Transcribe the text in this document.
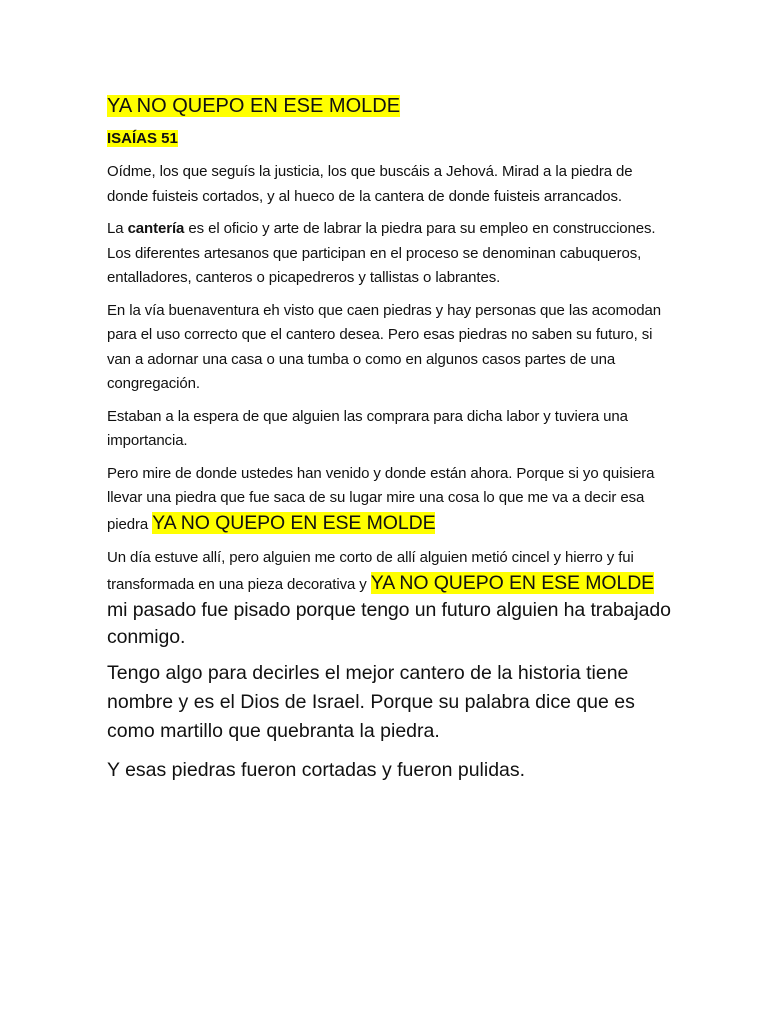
YA NO QUEPO EN ESE MOLDE
ISAÍAS 51

Oídme, los que seguís la justicia, los que buscáis a Jehová. Mirad a la piedra de donde fuisteis cortados, y al hueco de la cantera de donde fuisteis arrancados.

La cantería es el oficio y arte de labrar la piedra para su empleo en construcciones. Los diferentes artesanos que participan en el proceso se denominan cabuqueros, entalladores, canteros o picapedreros y tallistas o labrantes.

En la vía buenaventura eh visto que caen piedras y hay personas que las acomodan para el uso correcto que el cantero desea. Pero esas piedras no saben su futuro, si van a adornar una casa o una tumba o como en algunos casos partes de una congregación.

Estaban a la espera de que alguien las comprara para dicha labor y tuviera una importancia.

Pero mire de donde ustedes han venido y donde están ahora. Porque si yo quisiera llevar una piedra que fue saca de su lugar mire una cosa lo que me va a decir esa piedra YA NO QUEPO EN ESE MOLDE

Un día estuve allí, pero alguien me corto de allí alguien metió cincel y hierro y fui transformada en una pieza decorativa y YA NO QUEPO EN ESE MOLDE mi pasado fue pisado porque tengo un futuro alguien ha trabajado conmigo.

Tengo algo para decirles el mejor cantero de la historia tiene nombre y es el Dios de Israel. Porque su palabra dice que es como martillo que quebranta la piedra.

Y esas piedras fueron cortadas y fueron pulidas.
